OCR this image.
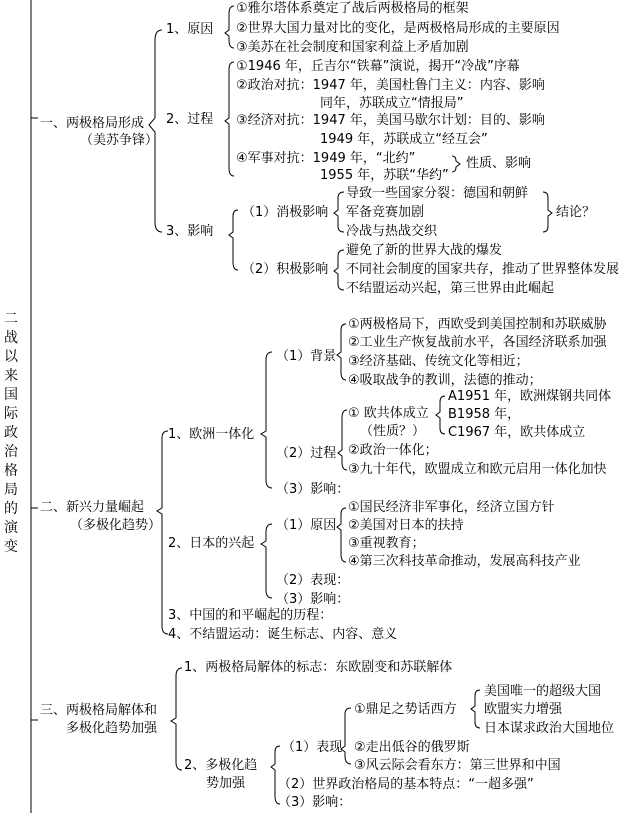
二战以来国际政治格局的演变
一、两极格局形成
（美苏争锋）
1、原因
①雅尔塔体系奠定了战后两极格局的框架
②世界大国力量对比的变化，是两极格局形成的主要原因
③美苏在社会制度和国家利益上矛盾加剧
2、过程
①1946 年，丘吉尔“铁幕”演说，揭开“冷战”序幕
②政治对抗：1947 年，美国杜鲁门主义：内容、影响
同年，苏联成立“情报局”
③经济对抗：1947 年，美国马歇尔计划：目的、影响
1949 年，苏联成立“经互会”
④军事对抗：1949 年，“北约”
1955 年，苏联“华约”
性质、影响
3、影响
（1）消极影响
导致一些国家分裂：德国和朝鲜
军备竞赛加剧
冷战与热战交织
结论？
（2）积极影响
避免了新的世界大战的爆发
不同社会制度的国家共存，推动了世界整体发展
不结盟运动兴起，第三世界由此崛起
二、新兴力量崛起
（多极化趋势）
1、欧洲一体化
（1）背景
①两极格局下，西欧受到美国控制和苏联威胁
②工业生产恢复战前水平，各国经济联系加强
③经济基础、传统文化等相近；
④吸取战争的教训，法德的推动；
（2）过程
① 欧共体成立
（性质？）
A1951 年，欧洲煤钢共同体
B1958 年，
C1967 年，欧共体成立
②政治一体化；
③九十年代，欧盟成立和欧元启用一体化加快
（3）影响：
2、日本的兴起
（1）原因
①国民经济非军事化，经济立国方针
②美国对日本的扶持
③重视教育；
④第三次科技革命推动，发展高科技产业
（2）表现：
（3）影响：
3、中国的和平崛起的历程：
4、不结盟运动：诞生标志、内容、意义
三、两极格局解体和
多极化趋势加强
1、两极格局解体的标志：东欧剧变和苏联解体
2、多极化趋
势加强
（1）表现
①鼎足之势话西方
美国唯一的超级大国
欧盟实力增强
日本谋求政治大国地位
②走出低谷的俄罗斯
③风云际会看东方：第三世界和中国
（2）世界政治格局的基本特点：“一超多强”
（3）影响：
